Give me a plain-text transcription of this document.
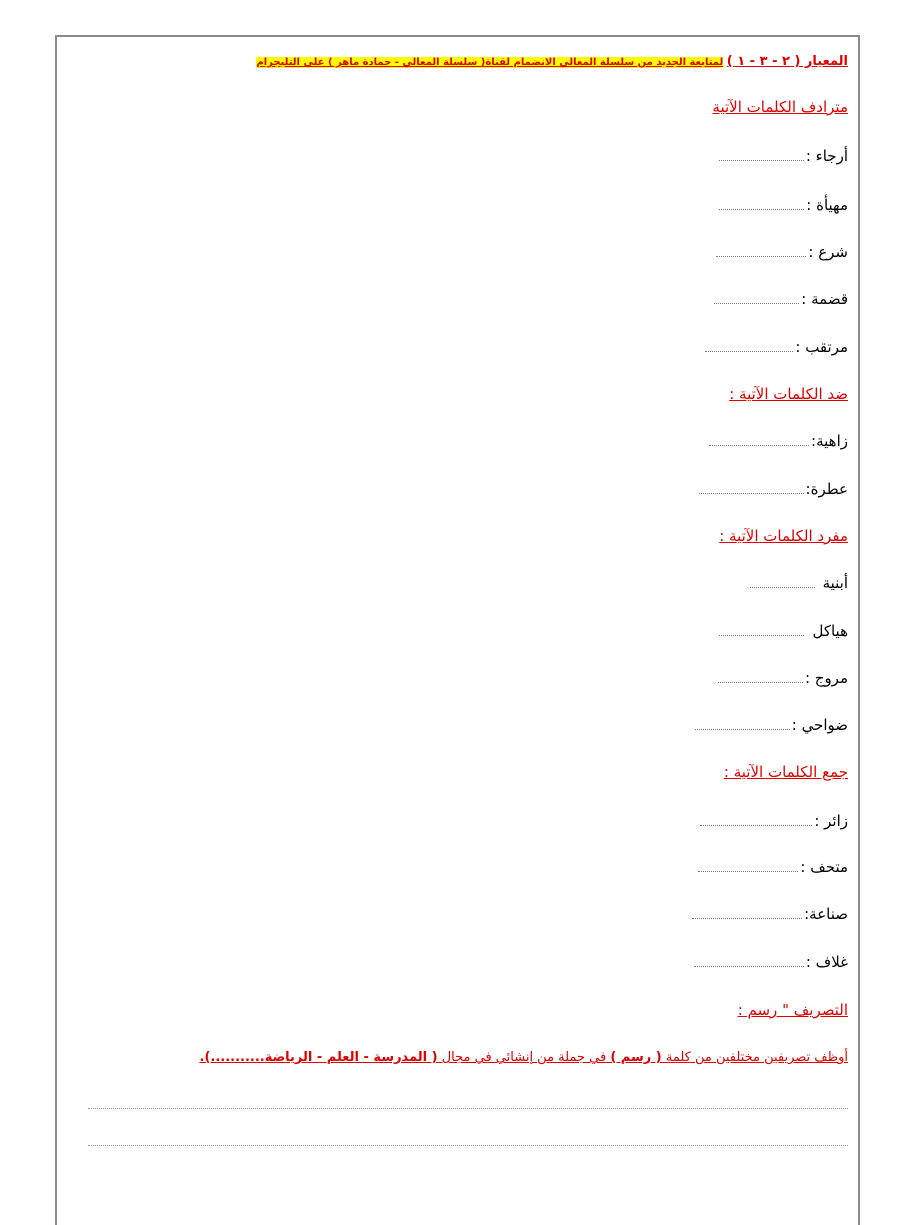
المعيار ( ٢ - ٣ - ١ ) لمتابعة الجديد من سلسلة المعالي الانضمام لقناة( سلسلة المعالي - حمادة ماهر ) على التليجرام
مترادف الكلمات الآتية
أرجاء :
مهيأة :
شرع :
قضمة :
مرتقب :
ضد الكلمات الآتية :
زاهية:
عطرة:
مفرد الكلمات الآتية :
أبنية
هياكل
مروج :
ضواحي :
جمع الكلمات الآتية :
زائر :
متحف :
صناعة:
غلاف :
التصريف " رسم :
أوظف تصريفين مختلفين من كلمة ( رسم ) في جملة من إنشائي في مجال ( المدرسة - العلم - الرياضة...........).
